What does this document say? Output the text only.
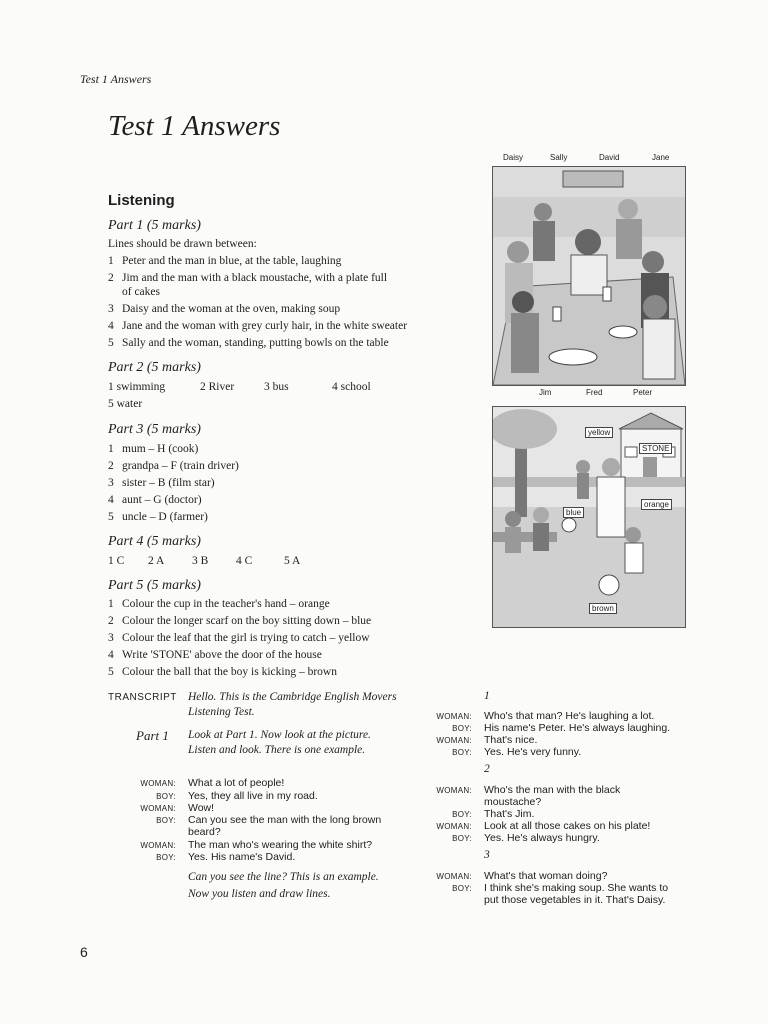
Test 1 Answers
Test 1 Answers
Listening
Part 1 (5 marks)
Lines should be drawn between:
1 Peter and the man in blue, at the table, laughing
2 Jim and the man with a black moustache, with a plate full
of cakes
3 Daisy and the woman at the oven, making soup
4 Jane and the woman with grey curly hair, in the white sweater
5 Sally and the woman, standing, putting bowls on the table
Part 2 (5 marks)
1 swimming	2 River	3 bus	4 school
5 water
Part 3 (5 marks)
1 mum – H (cook)
2 grandpa – F (train driver)
3 sister – B (film star)
4 aunt – G (doctor)
5 uncle – D (farmer)
Part 4 (5 marks)
1 C 2 A 3 B 4 C	5 A
Part 5 (5 marks)
1 Colour the cup in the teacher's hand – orange
2 Colour the longer scarf on the boy sitting down – blue
3 Colour the leaf that the girl is trying to catch – yellow
4 Write 'STONE' above the door of the house
5 Colour the ball that the boy is kicking – brown
Daisy	Sally	David	Jane
Jim	Fred	Peter
yellow
STONE
orange
blue
brown
TRANSCRIPT Hello. This is the Cambridge English Movers Listening Test.
Part 1 Look at Part 1. Now look at the picture. Listen and look. There is one example.
WOMAN: What a lot of people!
BOY: Yes, they all live in my road.
WOMAN: Wow!
BOY: Can you see the man with the long brown
beard?
WOMAN: The man who's wearing the white shirt?
BOY: Yes. His name's David.
Can you see the line? This is an example.
Now you listen and draw lines.
1
WOMAN: Who's that man? He's laughing a lot.
BOY: His name's Peter. He's always laughing.
WOMAN: That's nice.
BOY: Yes. He's very funny.
2
WOMAN: Who's the man with the black
moustache?
BOY: That's Jim.
WOMAN: Look at all those cakes on his plate!
BOY: Yes. He's always hungry.
3
WOMAN: What's that woman doing?
BOY: I think she's making soup. She wants to
put those vegetables in it. That's Daisy.
6
